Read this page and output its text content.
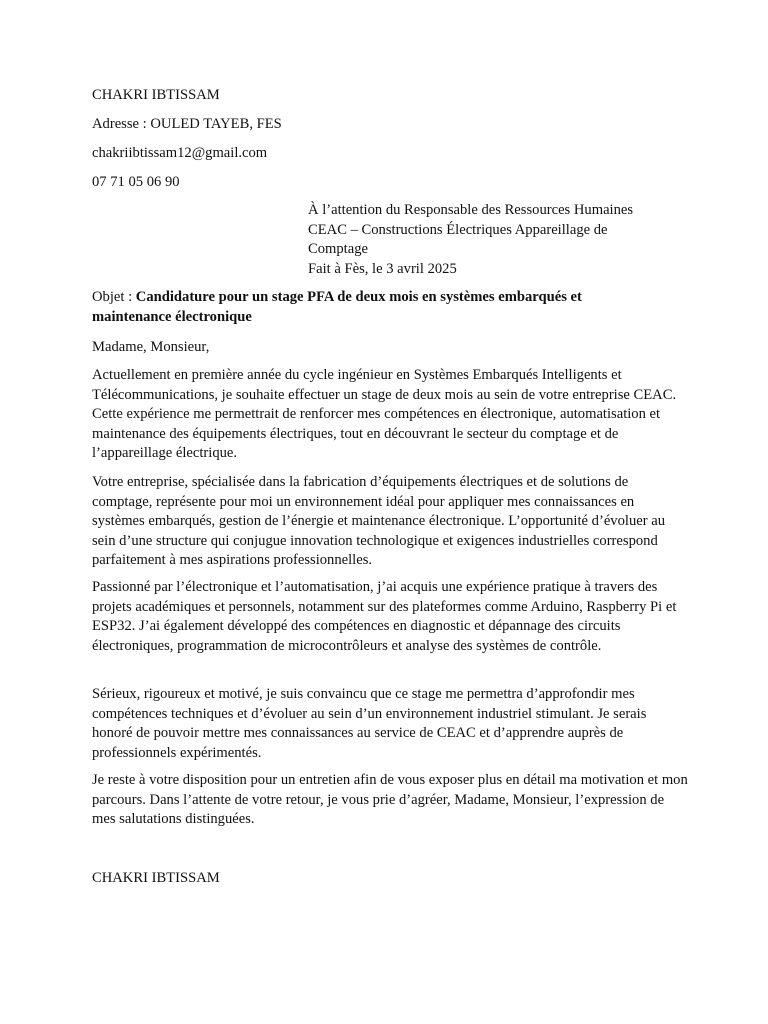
CHAKRI IBTISSAM
Adresse : OULED TAYEB, FES
chakriibtissam12@gmail.com
07 71 05 06 90
À l’attention du Responsable des Ressources Humaines
CEAC – Constructions Électriques Appareillage de
Comptage
Fait à Fès, le 3 avril 2025
Objet : Candidature pour un stage PFA de deux mois en systèmes embarqués et maintenance électronique
Madame, Monsieur,

Actuellement en première année du cycle ingénieur en Systèmes Embarqués Intelligents et Télécommunications, je souhaite effectuer un stage de deux mois au sein de votre entreprise CEAC. Cette expérience me permettrait de renforcer mes compétences en électronique, automatisation et maintenance des équipements électriques, tout en découvrant le secteur du comptage et de l’appareillage électrique.

Votre entreprise, spécialisée dans la fabrication d’équipements électriques et de solutions de comptage, représente pour moi un environnement idéal pour appliquer mes connaissances en systèmes embarqués, gestion de l’énergie et maintenance électronique. L’opportunité d’évoluer au sein d’une structure qui conjugue innovation technologique et exigences industrielles correspond parfaitement à mes aspirations professionnelles.

Passionné par l’électronique et l’automatisation, j’ai acquis une expérience pratique à travers des projets académiques et personnels, notamment sur des plateformes comme Arduino, Raspberry Pi et ESP32. J’ai également développé des compétences en diagnostic et dépannage des circuits électroniques, programmation de microcontrôleurs et analyse des systèmes de contrôle.

Sérieux, rigoureux et motivé, je suis convaincu que ce stage me permettra d’approfondir mes compétences techniques et d’évoluer au sein d’un environnement industriel stimulant. Je serais honoré de pouvoir mettre mes connaissances au service de CEAC et d’apprendre auprès de professionnels expérimentés.

Je reste à votre disposition pour un entretien afin de vous exposer plus en détail ma motivation et mon parcours. Dans l’attente de votre retour, je vous prie d’agréer, Madame, Monsieur, l’expression de mes salutations distinguées.

CHAKRI IBTISSAM
